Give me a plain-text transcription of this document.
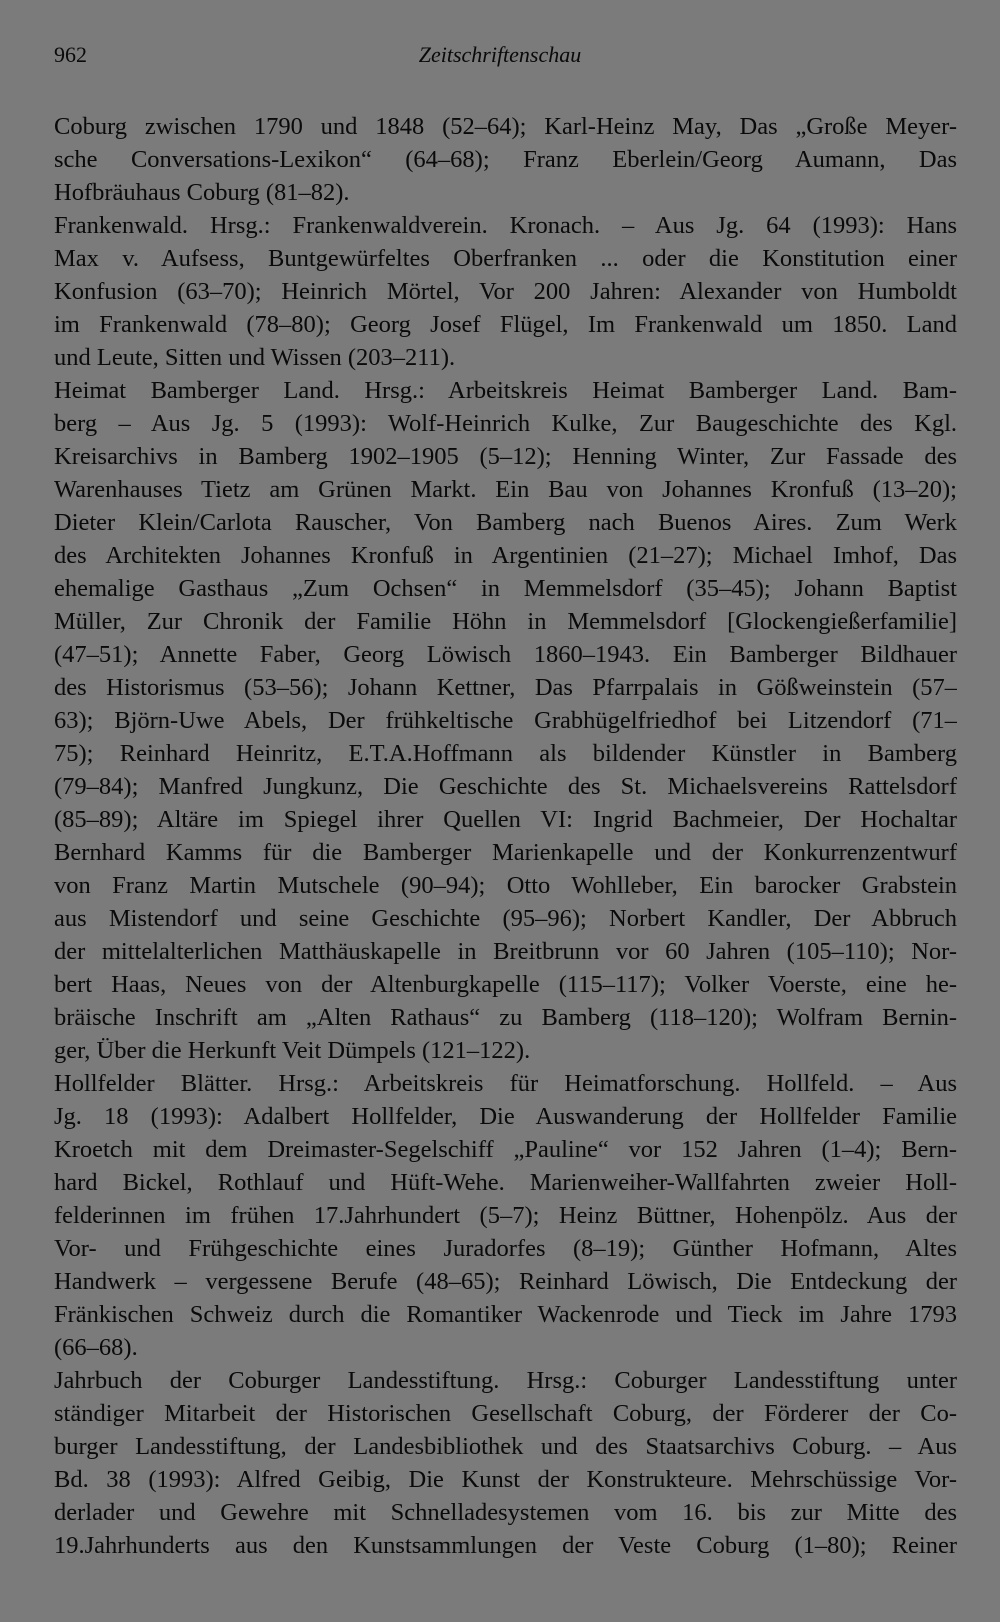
962	Zeitschriftenschau
Coburg zwischen 1790 und 1848 (52–64); Karl-Heinz May, Das „Große Meyer-
sche Conversations-Lexikon“ (64–68); Franz Eberlein/Georg Aumann, Das
Hofbräuhaus Coburg (81–82).
Frankenwald. Hrsg.: Frankenwaldverein. Kronach. – Aus Jg. 64 (1993): Hans
Max v. Aufsess, Buntgewürfeltes Oberfranken ... oder die Konstitution einer
Konfusion (63–70); Heinrich Mörtel, Vor 200 Jahren: Alexander von Humboldt
im Frankenwald (78–80); Georg Josef Flügel, Im Frankenwald um 1850. Land
und Leute, Sitten und Wissen (203–211).
Heimat Bamberger Land. Hrsg.: Arbeitskreis Heimat Bamberger Land. Bam-
berg – Aus Jg. 5 (1993): Wolf-Heinrich Kulke, Zur Baugeschichte des Kgl.
Kreisarchivs in Bamberg 1902–1905 (5–12); Henning Winter, Zur Fassade des
Warenhauses Tietz am Grünen Markt. Ein Bau von Johannes Kronfuß (13–20);
Dieter Klein/Carlota Rauscher, Von Bamberg nach Buenos Aires. Zum Werk
des Architekten Johannes Kronfuß in Argentinien (21–27); Michael Imhof, Das
ehemalige Gasthaus „Zum Ochsen“ in Memmelsdorf (35–45); Johann Baptist
Müller, Zur Chronik der Familie Höhn in Memmelsdorf [Glockengießerfamilie]
(47–51); Annette Faber, Georg Löwisch 1860–1943. Ein Bamberger Bildhauer
des Historismus (53–56); Johann Kettner, Das Pfarrpalais in Gößweinstein (57–
63); Björn-Uwe Abels, Der frühkeltische Grabhügelfriedhof bei Litzendorf (71–
75); Reinhard Heinritz, E.T.A.Hoffmann als bildender Künstler in Bamberg
(79–84); Manfred Jungkunz, Die Geschichte des St. Michaelsvereins Rattelsdorf
(85–89); Altäre im Spiegel ihrer Quellen VI: Ingrid Bachmeier, Der Hochaltar
Bernhard Kamms für die Bamberger Marienkapelle und der Konkurrenzentwurf
von Franz Martin Mutschele (90–94); Otto Wohlleber, Ein barocker Grabstein
aus Mistendorf und seine Geschichte (95–96); Norbert Kandler, Der Abbruch
der mittelalterlichen Matthäuskapelle in Breitbrunn vor 60 Jahren (105–110); Nor-
bert Haas, Neues von der Altenburgkapelle (115–117); Volker Voerste, eine he-
bräische Inschrift am „Alten Rathaus“ zu Bamberg (118–120); Wolfram Bernin-
ger, Über die Herkunft Veit Dümpels (121–122).
Hollfelder Blätter. Hrsg.: Arbeitskreis für Heimatforschung. Hollfeld. – Aus
Jg. 18 (1993): Adalbert Hollfelder, Die Auswanderung der Hollfelder Familie
Kroetch mit dem Dreimaster-Segelschiff „Pauline“ vor 152 Jahren (1–4); Bern-
hard Bickel, Rothlauf und Hüft-Wehe. Marienweiher-Wallfahrten zweier Holl-
felderinnen im frühen 17.Jahrhundert (5–7); Heinz Büttner, Hohenpölz. Aus der
Vor- und Frühgeschichte eines Juradorfes (8–19); Günther Hofmann, Altes
Handwerk – vergessene Berufe (48–65); Reinhard Löwisch, Die Entdeckung der
Fränkischen Schweiz durch die Romantiker Wackenrode und Tieck im Jahre 1793
(66–68).
Jahrbuch der Coburger Landesstiftung. Hrsg.: Coburger Landesstiftung unter
ständiger Mitarbeit der Historischen Gesellschaft Coburg, der Förderer der Co-
burger Landesstiftung, der Landesbibliothek und des Staatsarchivs Coburg. – Aus
Bd. 38 (1993): Alfred Geibig, Die Kunst der Konstrukteure. Mehrschüssige Vor-
derlader und Gewehre mit Schnelladesystemen vom 16. bis zur Mitte des
19.Jahrhunderts aus den Kunstsammlungen der Veste Coburg (1–80); Reiner
